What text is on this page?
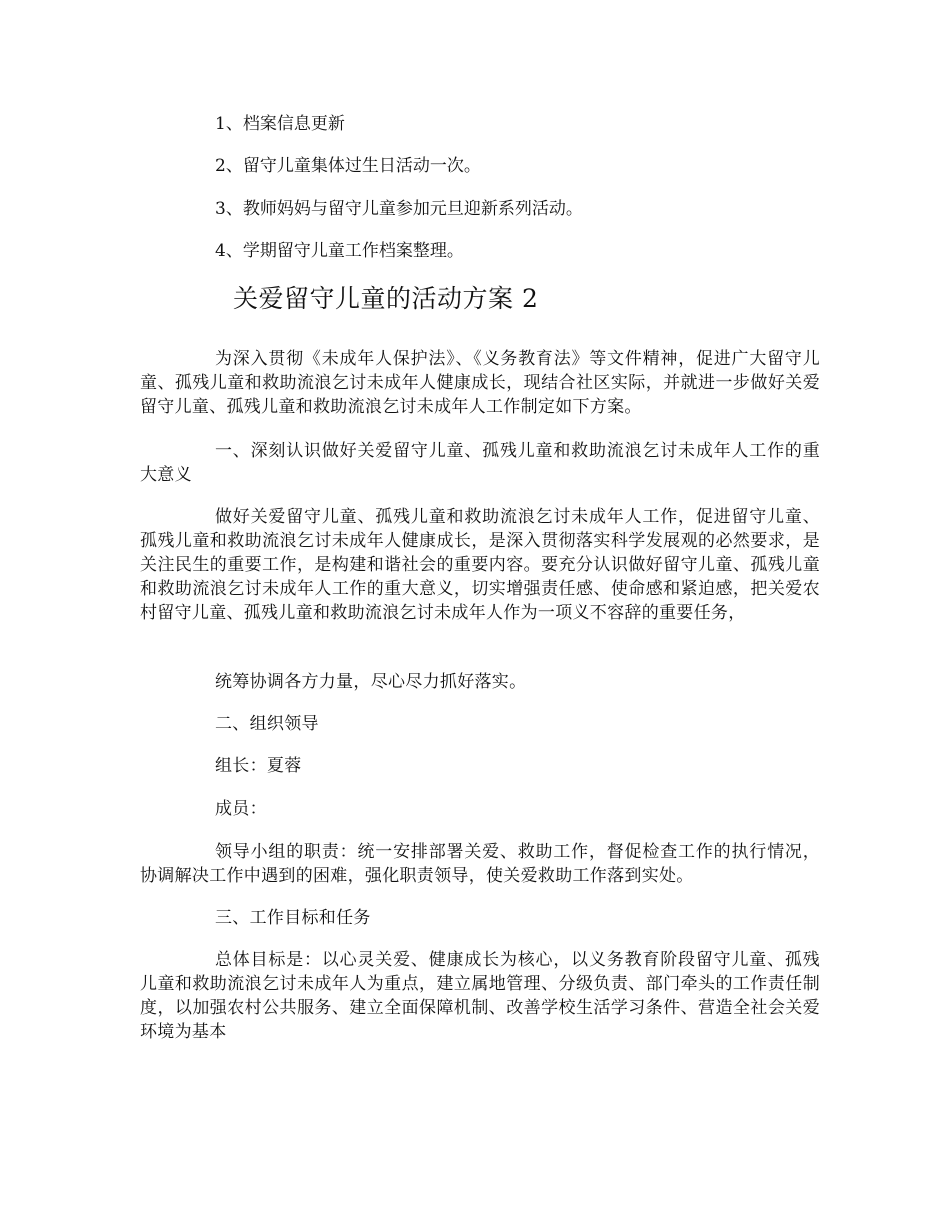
1、档案信息更新
2、留守儿童集体过生日活动一次。
3、教师妈妈与留守儿童参加元旦迎新系列活动。
4、学期留守儿童工作档案整理。
关爱留守儿童的活动方案 2
为深入贯彻《未成年人保护法》、《义务教育法》等文件精神，促进广大留守儿童、孤残儿童和救助流浪乞讨未成年人健康成长，现结合社区实际，并就进一步做好关爱留守儿童、孤残儿童和救助流浪乞讨未成年人工作制定如下方案。
一、深刻认识做好关爱留守儿童、孤残儿童和救助流浪乞讨未成年人工作的重大意义
做好关爱留守儿童、孤残儿童和救助流浪乞讨未成年人工作，促进留守儿童、孤残儿童和救助流浪乞讨未成年人健康成长，是深入贯彻落实科学发展观的必然要求，是关注民生的重要工作，是构建和谐社会的重要内容。要充分认识做好留守儿童、孤残儿童和救助流浪乞讨未成年人工作的重大意义，切实增强责任感、使命感和紧迫感，把关爱农村留守儿童、孤残儿童和救助流浪乞讨未成年人作为一项义不容辞的重要任务，
统筹协调各方力量，尽心尽力抓好落实。
二、组织领导
组长：夏蓉
成员：
领导小组的职责：统一安排部署关爱、救助工作，督促检查工作的执行情况，协调解决工作中遇到的困难，强化职责领导，使关爱救助工作落到实处。
三、工作目标和任务
总体目标是：以心灵关爱、健康成长为核心，以义务教育阶段留守儿童、孤残儿童和救助流浪乞讨未成年人为重点，建立属地管理、分级负责、部门牵头的工作责任制度，以加强农村公共服务、建立全面保障机制、改善学校生活学习条件、营造全社会关爱环境为基本
